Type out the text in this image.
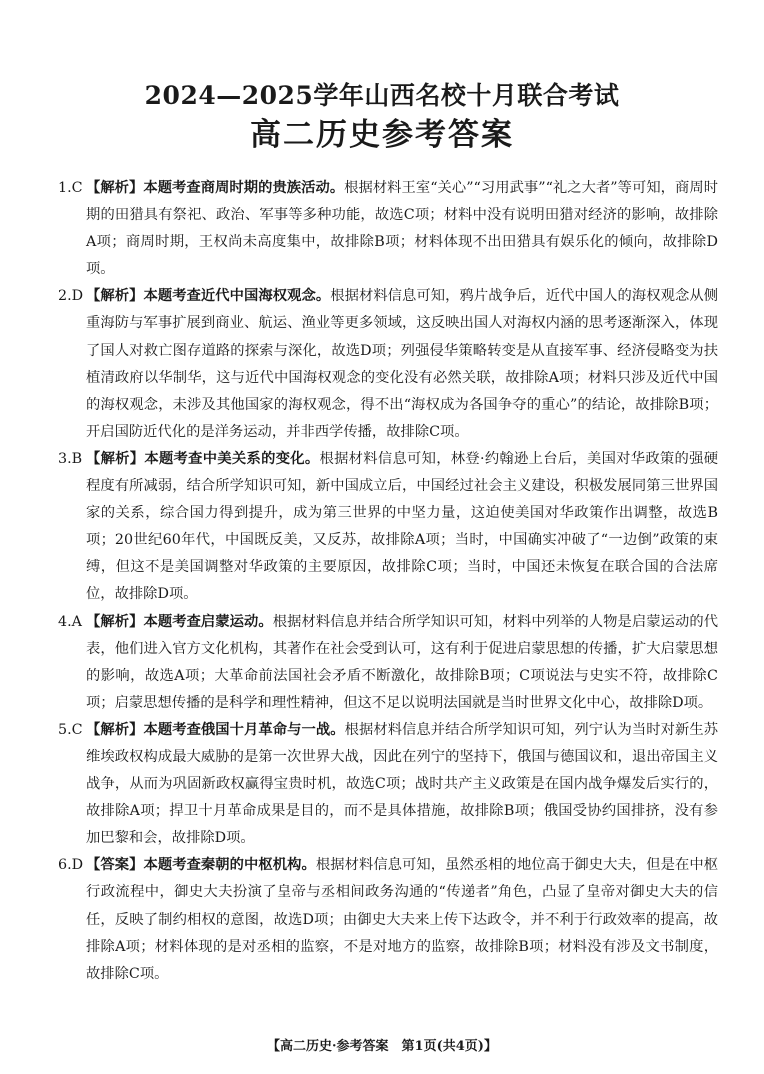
2024—2025学年山西名校十月联合考试
高二历史参考答案

1.C 【解析】本题考查商周时期的贵族活动。根据材料王室“关心”“习用武事”“礼之大者”等可知，商周时期的田猎具有祭祀、政治、军事等多种功能，故选C项；材料中没有说明田猎对经济的影响，故排除A项；商周时期，王权尚未高度集中，故排除B项；材料体现不出田猎具有娱乐化的倾向，故排除D项。

2.D 【解析】本题考查近代中国海权观念。根据材料信息可知，鸦片战争后，近代中国人的海权观念从侧重海防与军事扩展到商业、航运、渔业等更多领域，这反映出国人对海权内涵的思考逐渐深入，体现了国人对救亡图存道路的探索与深化，故选D项；列强侵华策略转变是从直接军事、经济侵略变为扶植清政府以华制华，这与近代中国海权观念的变化没有必然关联，故排除A项；材料只涉及近代中国的海权观念，未涉及其他国家的海权观念，得不出“海权成为各国争夺的重心”的结论，故排除B项；开启国防近代化的是洋务运动，并非西学传播，故排除C项。

3.B 【解析】本题考查中美关系的变化。根据材料信息可知，林登·约翰逊上台后，美国对华政策的强硬程度有所减弱，结合所学知识可知，新中国成立后，中国经过社会主义建设，积极发展同第三世界国家的关系，综合国力得到提升，成为第三世界的中坚力量，这迫使美国对华政策作出调整，故选B项；20世纪60年代，中国既反美，又反苏，故排除A项；当时，中国确实冲破了“一边倒”政策的束缚，但这不是美国调整对华政策的主要原因，故排除C项；当时，中国还未恢复在联合国的合法席位，故排除D项。

4.A 【解析】本题考查启蒙运动。根据材料信息并结合所学知识可知，材料中列举的人物是启蒙运动的代表，他们进入官方文化机构，其著作在社会受到认可，这有利于促进启蒙思想的传播，扩大启蒙思想的影响，故选A项；大革命前法国社会矛盾不断激化，故排除B项；C项说法与史实不符，故排除C项；启蒙思想传播的是科学和理性精神，但这不足以说明法国就是当时世界文化中心，故排除D项。

5.C 【解析】本题考查俄国十月革命与一战。根据材料信息并结合所学知识可知，列宁认为当时对新生苏维埃政权构成最大威胁的是第一次世界大战，因此在列宁的坚持下，俄国与德国议和，退出帝国主义战争，从而为巩固新政权赢得宝贵时机，故选C项；战时共产主义政策是在国内战争爆发后实行的，故排除A项；捍卫十月革命成果是目的，而不是具体措施，故排除B项；俄国受协约国排挤，没有参加巴黎和会，故排除D项。

6.D 【答案】本题考查秦朝的中枢机构。根据材料信息可知，虽然丞相的地位高于御史大夫，但是在中枢行政流程中，御史大夫扮演了皇帝与丞相间政务沟通的“传递者”角色，凸显了皇帝对御史大夫的信任，反映了制约相权的意图，故选D项；由御史大夫来上传下达政令，并不利于行政效率的提高，故排除A项；材料体现的是对丞相的监察，不是对地方的监察，故排除B项；材料没有涉及文书制度，故排除C项。

【高二历史·参考答案　第1页(共4页)】
